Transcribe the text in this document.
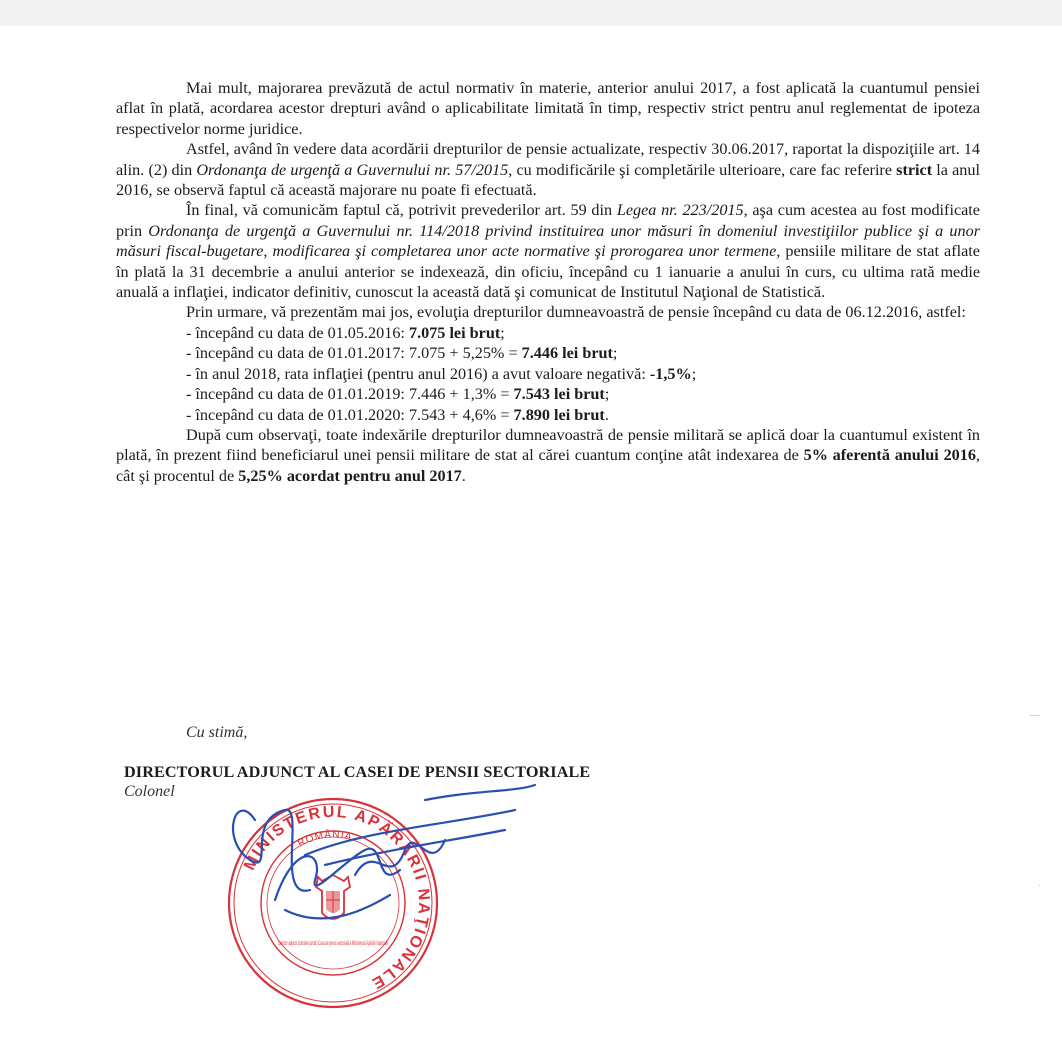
Mai mult, majorarea prevăzută de actul normativ în materie, anterior anului 2017, a fost aplicată la cuantumul pensiei aflat în plată, acordarea acestor drepturi având o aplicabilitate limitată în timp, respectiv strict pentru anul reglementat de ipoteza respectivelor norme juridice.

Astfel, având în vedere data acordării drepturilor de pensie actualizate, respectiv 30.06.2017, raportat la dispoziţiile art. 14 alin. (2) din Ordonanţa de urgenţă a Guvernului nr. 57/2015, cu modificările şi completările ulterioare, care fac referire strict la anul 2016, se observă faptul că această majorare nu poate fi efectuată.

În final, vă comunicăm faptul că, potrivit prevederilor art. 59 din Legea nr. 223/2015, aşa cum acestea au fost modificate prin Ordonanţa de urgenţă a Guvernului nr. 114/2018 privind instituirea unor măsuri în domeniul investiţiilor publice şi a unor măsuri fiscal-bugetare, modificarea şi completarea unor acte normative şi prorogarea unor termene, pensiile militare de stat aflate în plată la 31 decembrie a anului anterior se indexează, din oficiu, începând cu 1 ianuarie a anului în curs, cu ultima rată medie anuală a inflaţiei, indicator definitiv, cunoscut la această dată şi comunicat de Institutul Naţional de Statistică.

Prin urmare, vă prezentăm mai jos, evoluţia drepturilor dumneavoastră de pensie începând cu data de 06.12.2016, astfel:

- începând cu data de 01.05.2016: 7.075 lei brut;

- începând cu data de 01.01.2017: 7.075 + 5,25% = 7.446 lei brut;

- în anul 2018, rata inflaţiei (pentru anul 2016) a avut valoare negativă: -1,5%;

- începând cu data de 01.01.2019: 7.446 + 1,3% = 7.543 lei brut;

- începând cu data de 01.01.2020: 7.543 + 4,6% = 7.890 lei brut.

După cum observaţi, toate indexările drepturilor dumneavoastră de pensie militară se aplică doar la cuantumul existent în plată, în prezent fiind beneficiarul unei pensii militare de stat al cărei cuantum conţine atât indexarea de 5% aferentă anului 2016, cât şi procentul de 5,25% acordat pentru anul 2017.

Cu stimă,
DIRECTORUL ADJUNCT AL CASEI DE PENSII SECTORIALE
Colonel
MINISTERUL APĂRĂRII NAŢIONALE
ROMÂNIA
Director adjunct (consilier juridic) Casa de pensii sectorială a Ministerului Apărării Naţionale
—
·
